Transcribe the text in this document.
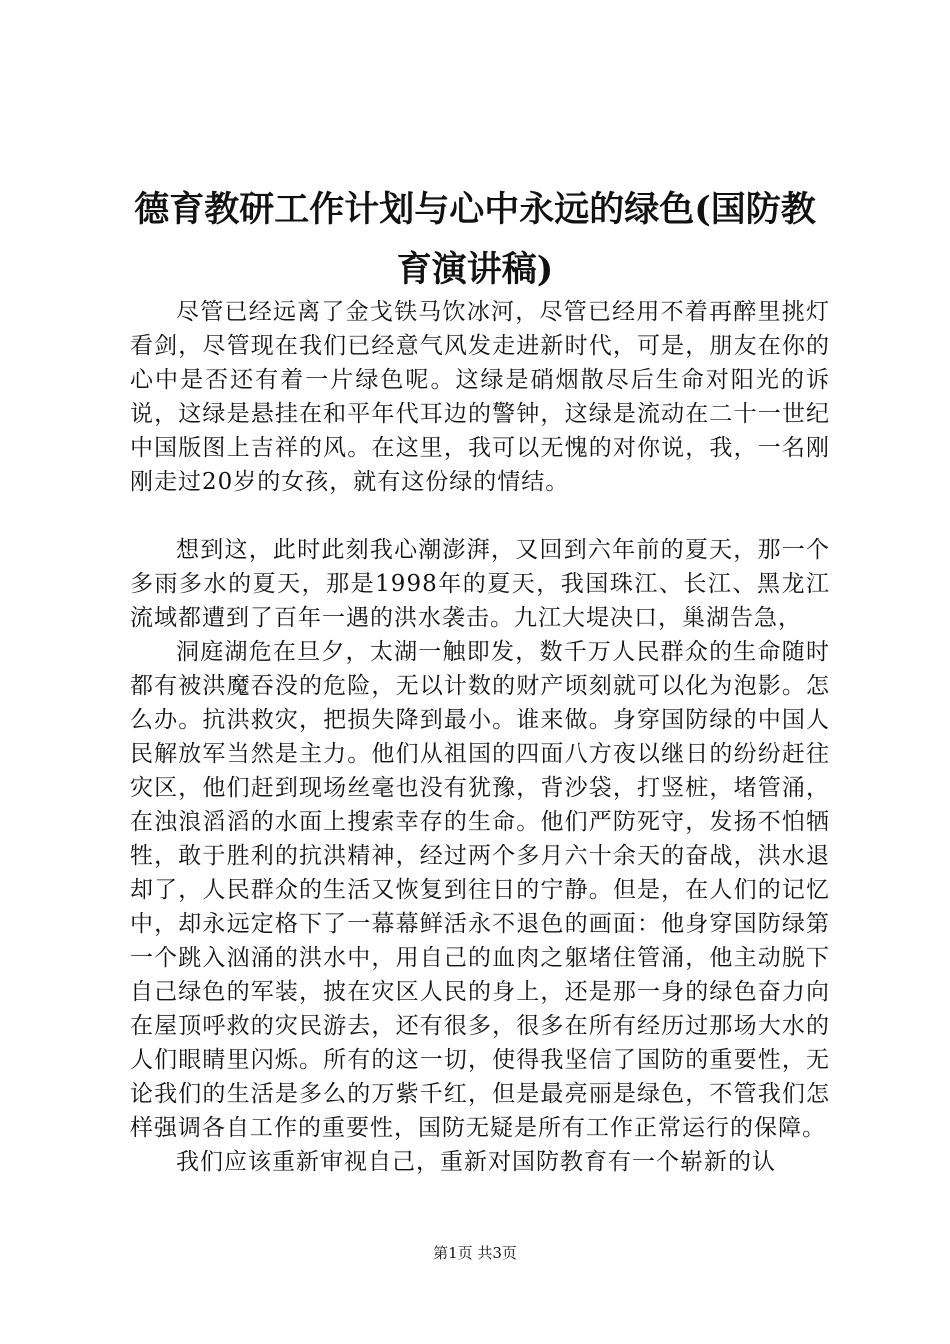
德育教研工作计划与心中永远的绿色(国防教育演讲稿)

尽管已经远离了金戈铁马饮冰河，尽管已经用不着再醉里挑灯看剑，尽管现在我们已经意气风发走进新时代，可是，朋友在你的心中是否还有着一片绿色呢。这绿是硝烟散尽后生命对阳光的诉说，这绿是悬挂在和平年代耳边的警钟，这绿是流动在二十一世纪中国版图上吉祥的风。在这里，我可以无愧的对你说，我，一名刚刚走过20岁的女孩，就有这份绿的情结。

想到这，此时此刻我心潮澎湃，又回到六年前的夏天，那一个多雨多水的夏天，那是1998年的夏天，我国珠江、长江、黑龙江流域都遭到了百年一遇的洪水袭击。九江大堤决口，巢湖告急，

洞庭湖危在旦夕，太湖一触即发，数千万人民群众的生命随时都有被洪魔吞没的危险，无以计数的财产顷刻就可以化为泡影。怎么办。抗洪救灾，把损失降到最小。谁来做。身穿国防绿的中国人民解放军当然是主力。他们从祖国的四面八方夜以继日的纷纷赶往灾区，他们赶到现场丝毫也没有犹豫，背沙袋，打竖桩，堵管涌，在浊浪滔滔的水面上搜索幸存的生命。他们严防死守，发扬不怕牺牲，敢于胜利的抗洪精神，经过两个多月六十余天的奋战，洪水退却了，人民群众的生活又恢复到往日的宁静。但是，在人们的记忆中，却永远定格下了一幕幕鲜活永不退色的画面：他身穿国防绿第一个跳入汹涌的洪水中，用自己的血肉之躯堵住管涌，他主动脱下自己绿色的军装，披在灾区人民的身上，还是那一身的绿色奋力向在屋顶呼救的灾民游去，还有很多，很多在所有经历过那场大水的人们眼睛里闪烁。所有的这一切，使得我坚信了国防的重要性，无论我们的生活是多么的万紫千红，但是最亮丽是绿色，不管我们怎样强调各自工作的重要性，国防无疑是所有工作正常运行的保障。

我们应该重新审视自己，重新对国防教育有一个崭新的认

第1页 共3页
